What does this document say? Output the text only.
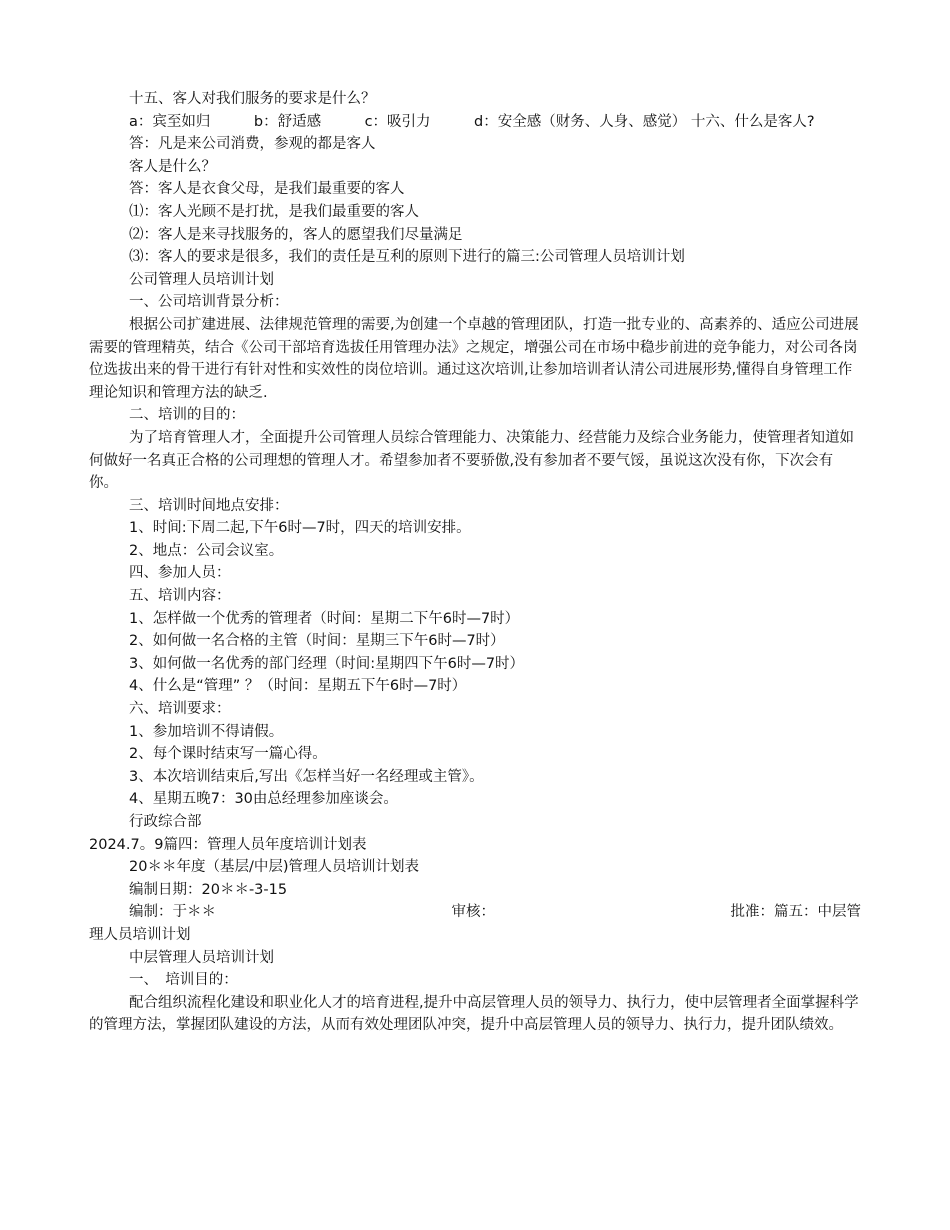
十五、客人对我们服务的要求是什么？

a：宾至如归　　　b：舒适感　　　c：吸引力　　　d：安全感（财务、人身、感觉） 十六、什么是客人?

答：凡是来公司消费，参观的都是客人

客人是什么？

答：客人是衣食父母，是我们最重要的客人

⑴：客人光顾不是打扰，是我们最重要的客人

⑵：客人是来寻找服务的，客人的愿望我们尽量满足

⑶：客人的要求是很多，我们的责任是互利的原则下进行的篇三:公司管理人员培训计划

公司管理人员培训计划

一、公司培训背景分析：

根据公司扩建进展、法律规范管理的需要,为创建一个卓越的管理团队，打造一批专业的、高素养的、适应公司进展需要的管理精英，结合《公司干部培育选拔任用管理办法》之规定，增强公司在市场中稳步前进的竞争能力，对公司各岗位选拔出来的骨干进行有针对性和实效性的岗位培训。通过这次培训,让参加培训者认清公司进展形势,懂得自身管理工作理论知识和管理方法的缺乏.

二、培训的目的：

为了培育管理人才，全面提升公司管理人员综合管理能力、决策能力、经营能力及综合业务能力，使管理者知道如何做好一名真正合格的公司理想的管理人才。希望参加者不要骄傲,没有参加者不要气馁，虽说这次没有你，下次会有你。

三、培训时间地点安排：

1、时间:下周二起,下午6时—7时，四天的培训安排。

2、地点：公司会议室。

四、参加人员：

五、培训内容：

1、怎样做一个优秀的管理者（时间：星期二下午6时—7时）

2、如何做一名合格的主管（时间：星期三下午6时—7时）

3、如何做一名优秀的部门经理（时间:星期四下午6时—7时）

4、什么是“管理” ？（时间：星期五下午6时—7时）

六、培训要求：

1、参加培训不得请假。

2、每个课时结束写一篇心得。

3、本次培训结束后,写出《怎样当好一名经理或主管》。

4、星期五晚7：30由总经理参加座谈会。

行政综合部

2024.7。9篇四：管理人员年度培训计划表

20＊＊年度（基层/中层)管理人员培训计划表

编制日期：20＊＊-3-15

编制：于＊＊	审核：	批准：篇五：中层管

理人员培训计划

中层管理人员培训计划

一、　培训目的：

配合组织流程化建设和职业化人才的培育进程,提升中高层管理人员的领导力、执行力，使中层管理者全面掌握科学的管理方法，掌握团队建设的方法，从而有效处理团队冲突，提升中高层管理人员的领导力、执行力，提升团队绩效。
